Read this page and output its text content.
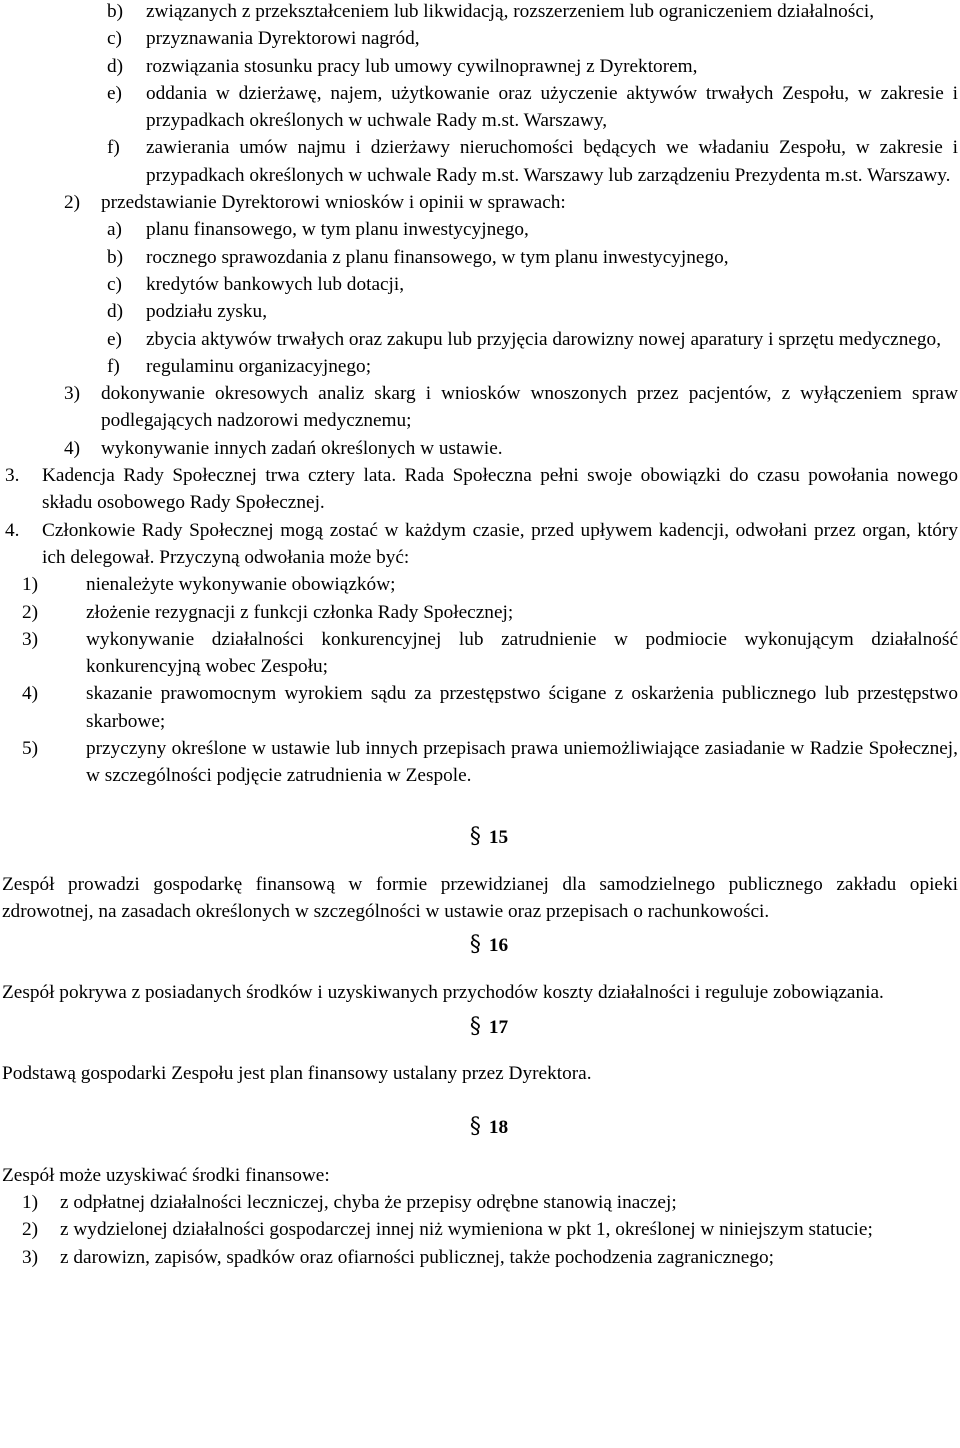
b) związanych z przekształceniem lub likwidacją, rozszerzeniem lub ograniczeniem działalności,
c) przyznawania Dyrektorowi nagród,
d) rozwiązania stosunku pracy lub umowy cywilnoprawnej z Dyrektorem,
e) oddania w dzierżawę, najem, użytkowanie oraz użyczenie aktywów trwałych Zespołu, w zakresie i przypadkach określonych w uchwale Rady m.st. Warszawy,
f) zawierania umów najmu i dzierżawy nieruchomości będących we władaniu Zespołu, w zakresie i przypadkach określonych w uchwale Rady m.st. Warszawy lub zarządzeniu Prezydenta m.st. Warszawy.
2) przedstawianie Dyrektorowi wniosków i opinii w sprawach:
a) planu finansowego, w tym planu inwestycyjnego,
b) rocznego sprawozdania z planu finansowego, w tym planu inwestycyjnego,
c) kredytów bankowych lub dotacji,
d) podziału zysku,
e) zbycia aktywów trwałych oraz zakupu lub przyjęcia darowizny nowej aparatury i sprzętu medycznego,
f) regulaminu organizacyjnego;
3) dokonywanie okresowych analiz skarg i wniosków wnoszonych przez pacjentów, z wyłączeniem spraw podlegających nadzorowi medycznemu;
4) wykonywanie innych zadań określonych w ustawie.
3. Kadencja Rady Społecznej trwa cztery lata. Rada Społeczna pełni swoje obowiązki do czasu powołania nowego składu osobowego Rady Społecznej.
4. Członkowie Rady Społecznej mogą zostać w każdym czasie, przed upływem kadencji, odwołani przez organ, który ich delegował. Przyczyną odwołania może być:
1) nienależyte wykonywanie obowiązków;
2) złożenie rezygnacji z funkcji członka Rady Społecznej;
3) wykonywanie działalności konkurencyjnej lub zatrudnienie w podmiocie wykonującym działalność konkurencyjną wobec Zespołu;
4) skazanie prawomocnym wyrokiem sądu za przestępstwo ścigane z oskarżenia publicznego lub przestępstwo skarbowe;
5) przyczyny określone w ustawie lub innych przepisach prawa uniemożliwiające zasiadanie w Radzie Społecznej, w szczególności podjęcie zatrudnienia w Zespole.
§ 15
Zespół prowadzi gospodarkę finansową w formie przewidzianej dla samodzielnego publicznego zakładu opieki zdrowotnej, na zasadach określonych w szczególności w ustawie oraz przepisach o rachunkowości.
§ 16
Zespół pokrywa z posiadanych środków i uzyskiwanych przychodów koszty działalności i reguluje zobowiązania.
§ 17
Podstawą gospodarki Zespołu jest plan finansowy ustalany przez Dyrektora.
§ 18
Zespół może uzyskiwać środki finansowe:
1) z odpłatnej działalności leczniczej, chyba że przepisy odrębne stanowią inaczej;
2) z wydzielonej działalności gospodarczej innej niż wymieniona w pkt 1, określonej w niniejszym statucie;
3) z darowizn, zapisów, spadków oraz ofiarności publicznej, także pochodzenia zagranicznego;
